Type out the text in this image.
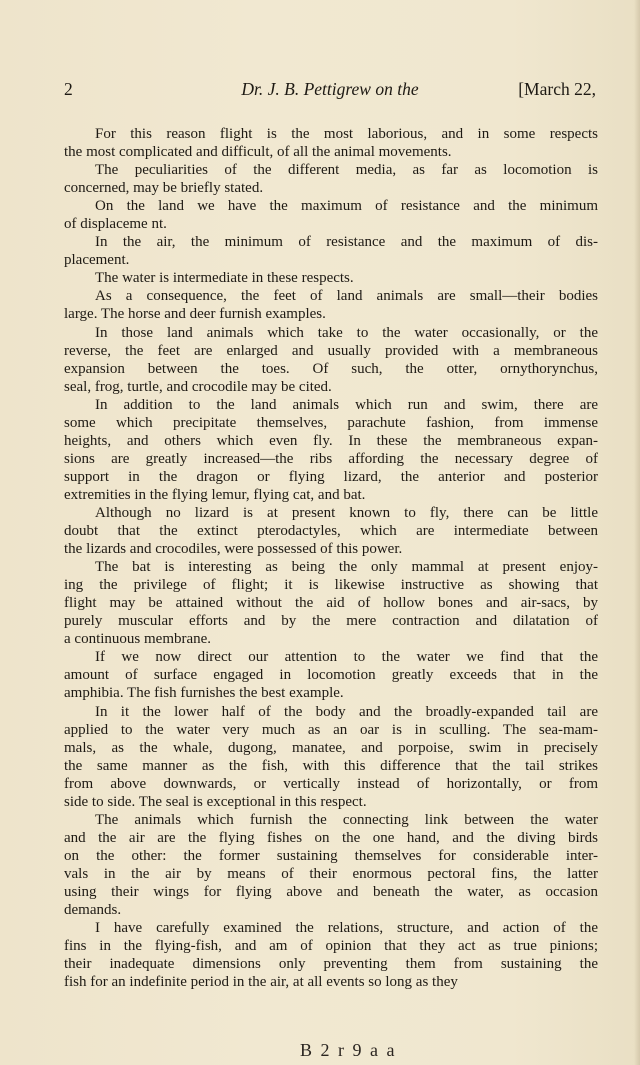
2	Dr. J. B. Pettigrew on the	[March 22,
For this reason flight is the most laborious, and in some respects
the most complicated and difficult, of all the animal movements.
The peculiarities of the different media, as far as locomotion is
concerned, may be briefly stated.
On the land we have the maximum of resistance and the minimum
of displaceme nt.
In the air, the minimum of resistance and the maximum of dis-
placement.
The water is intermediate in these respects.
As a consequence, the feet of land animals are small—their bodies
large. The horse and deer furnish examples.
In those land animals which take to the water occasionally, or the
reverse, the feet are enlarged and usually provided with a membraneous
expansion between the toes. Of such, the otter, ornythorynchus,
seal, frog, turtle, and crocodile may be cited.
In addition to the land animals which run and swim, there are
some which precipitate themselves, parachute fashion, from immense
heights, and others which even fly. In these the membraneous expan-
sions are greatly increased—the ribs affording the necessary degree of
support in the dragon or flying lizard, the anterior and posterior
extremities in the flying lemur, flying cat, and bat.
Although no lizard is at present known to fly, there can be little
doubt that the extinct pterodactyles, which are intermediate between
the lizards and crocodiles, were possessed of this power.
The bat is interesting as being the only mammal at present enjoy-
ing the privilege of flight; it is likewise instructive as showing that
flight may be attained without the aid of hollow bones and air-sacs, by
purely muscular efforts and by the mere contraction and dilatation of
a continuous membrane.
If we now direct our attention to the water we find that the
amount of surface engaged in locomotion greatly exceeds that in the
amphibia. The fish furnishes the best example.
In it the lower half of the body and the broadly-expanded tail are
applied to the water very much as an oar is in sculling. The sea-mam-
mals, as the whale, dugong, manatee, and porpoise, swim in precisely
the same manner as the fish, with this difference that the tail strikes
from above downwards, or vertically instead of horizontally, or from
side to side. The seal is exceptional in this respect.
The animals which furnish the connecting link between the water
and the air are the flying fishes on the one hand, and the diving birds
on the other: the former sustaining themselves for considerable inter-
vals in the air by means of their enormous pectoral fins, the latter
using their wings for flying above and beneath the water, as occasion
demands.
I have carefully examined the relations, structure, and action of the
fins in the flying-fish, and am of opinion that they act as true pinions;
their inadequate dimensions only preventing them from sustaining the
fish for an indefinite period in the air, at all events so long as they
B 2 r 9 a a
